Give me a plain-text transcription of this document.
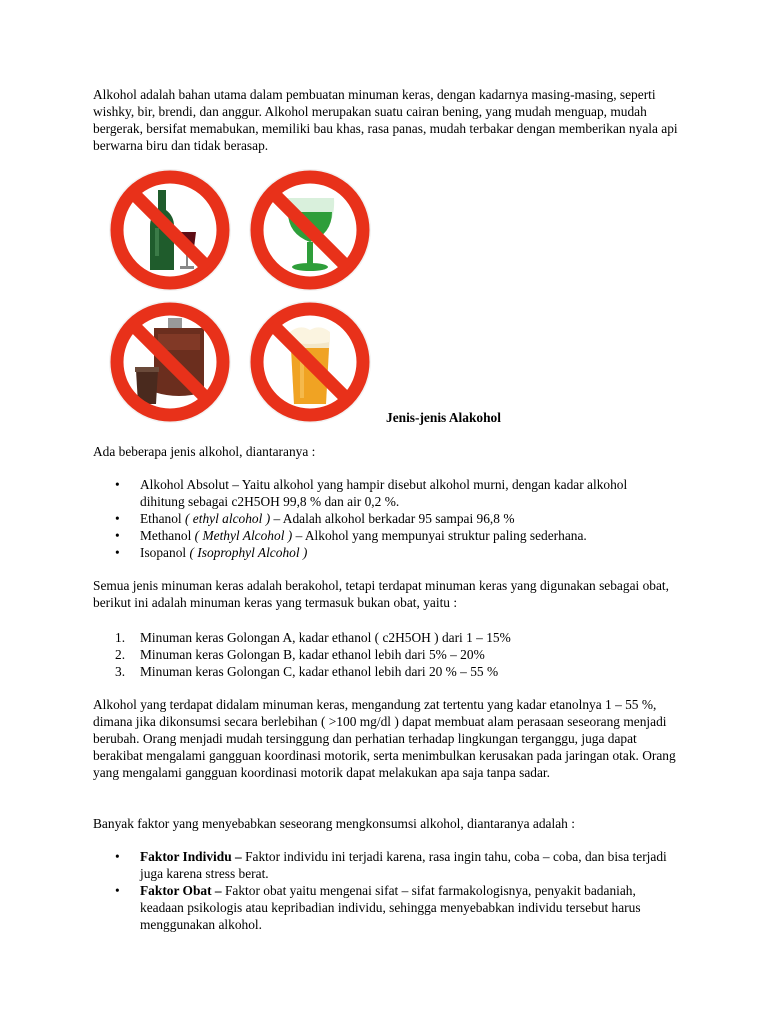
Alkohol adalah bahan utama dalam pembuatan minuman keras, dengan kadarnya masing-masing, seperti wishky, bir, brendi, dan anggur. Alkohol merupakan suatu cairan bening, yang mudah menguap, mudah bergerak, bersifat memabukan, memiliki bau khas, rasa panas, mudah terbakar dengan memberikan nyala api berwarna biru dan tidak berasap.

Jenis-jenis Alakohol

Ada beberapa jenis alkohol, diantaranya :

• Alkohol Absolut – Yaitu alkohol yang hampir disebut alkohol murni, dengan kadar alkohol dihitung sebagai c2H5OH 99,8 % dan air 0,2 %.
• Ethanol ( ethyl alcohol ) – Adalah alkohol berkadar 95 sampai 96,8 %
• Methanol ( Methyl Alcohol ) – Alkohol yang mempunyai struktur paling sederhana.
• Isopanol ( Isoprophyl Alcohol )

Semua jenis minuman keras adalah berakohol, tetapi terdapat minuman keras yang digunakan sebagai obat, berikut ini adalah minuman keras yang termasuk bukan obat, yaitu :

1. Minuman keras Golongan A, kadar ethanol ( c2H5OH ) dari 1 – 15%
2. Minuman keras Golongan B, kadar ethanol lebih dari 5% – 20%
3. Minuman keras Golongan C, kadar ethanol lebih dari 20 % – 55 %

Alkohol yang terdapat didalam minuman keras, mengandung zat tertentu yang kadar etanolnya 1 – 55 %, dimana jika dikonsumsi secara berlebihan ( >100 mg/dl ) dapat membuat alam perasaan seseorang menjadi berubah. Orang menjadi mudah tersinggung dan perhatian terhadap lingkungan terganggu, juga dapat berakibat mengalami gangguan koordinasi motorik, serta menimbulkan kerusakan pada jaringan otak. Orang yang mengalami gangguan koordinasi motorik dapat melakukan apa saja tanpa sadar.

Banyak faktor yang menyebabkan seseorang mengkonsumsi alkohol, diantaranya adalah :

• Faktor Individu – Faktor individu ini terjadi karena, rasa ingin tahu, coba – coba, dan bisa terjadi juga karena stress berat.
• Faktor Obat – Faktor obat yaitu mengenai sifat – sifat farmakologisnya, penyakit badaniah, keadaan psikologis atau kepribadian individu, sehingga menyebabkan individu tersebut harus menggunakan alkohol.
